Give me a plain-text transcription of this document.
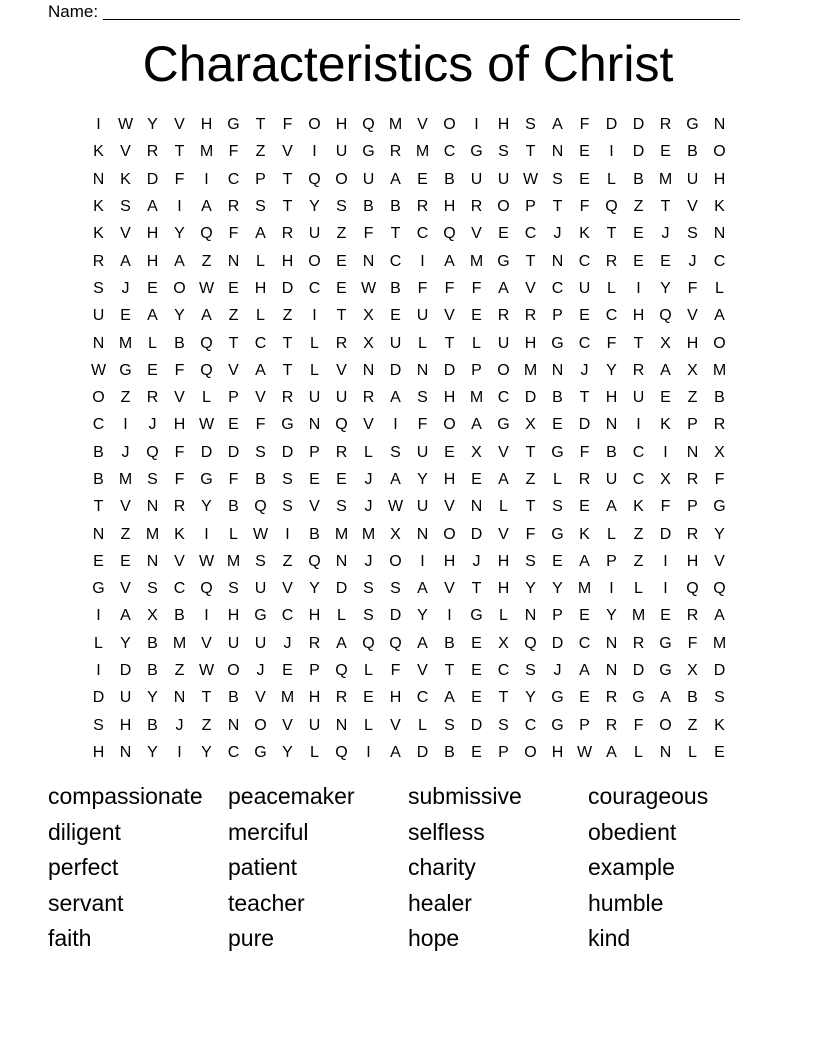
Name:
Characteristics of Christ
I	W Y	V H G T	F O H Q M V O	I	H S	A	F	D D R G N
K	V R	T M F	Z	V	I	U G R M C G S	T	N E	I	D E	B O
N K D	F	I	C P	T Q O U A	E	B U U W S	E	L	B M U H
K	S	A	I	A R S	T	Y	S	B	B R H R O P	T	F Q Z	T	V	K
K	V H Y Q F	A R U	Z	F	T	C Q V	E C	J	K	T	E	J	S N
R A H A	Z	N	L	H O E N C	I	A M G T	N C R E	E	J	C
S	J	E O W E H D C E W B	F	F	F	A	V C U	L	I	Y	F	L
U E	A	Y	A	Z	L	Z	I	T	X	E U V	E R R P	E C H Q V	A
N M L	B Q T	C	T	L	R X U	L	T	L	U H G C	F	T	X H O
W G E	F Q V	A	T	L	V N D N D P O M N	J	Y R A	X M
O Z	R V	L	P	V R U U R A	S H M C D B	T	H U E	Z	B
C	I	J	H W E	F G N Q V	I	F O A G X	E D N	I	K	P R
B	J	Q F	D D S D P R	L	S U E	X	V	T G F	B C	I	N X
B M S	F G F	B	S	E	E	J	A	Y H E	A	Z	L	R U C X R	F
T	V N R Y	B Q S	V	S	J W U V N	L	T	S	E	A	K	F	P G
N	Z M K	I	L W	I	B M M X N O D V	F G K	L	Z	D R Y
E	E N V W M S	Z Q N	J	O	I	H	J	H S	E	A	P	Z	I	H V
G V	S C Q S U V	Y D S	S	A	V	T	H Y	Y M	I	L	I	Q Q
I	A	X	B	I	H G C H	L	S D Y	I	G	L	N P	E	Y M E R A
L	Y	B M V U U	J	R A Q Q A	B	E	X Q D C N R G F M
I	D B	Z W O	J	E	P Q	L	F	V	T	E C S	J	A N D G X D
D U Y N	T	B	V M H R E H C A	E	T	Y G E R G A	B	S
S H B	J	Z	N O V U N	L	V	L	S D S C G P R	F O Z	K
H N Y	I	Y C G Y	L	Q	I	A D B	E	P O H W A	L	N	L	E
compassionate	peacemaker	submissive	courageous
diligent	merciful	selfless	obedient
perfect	patient	charity	example
servant	teacher	healer	humble
faith	pure	hope	kind
